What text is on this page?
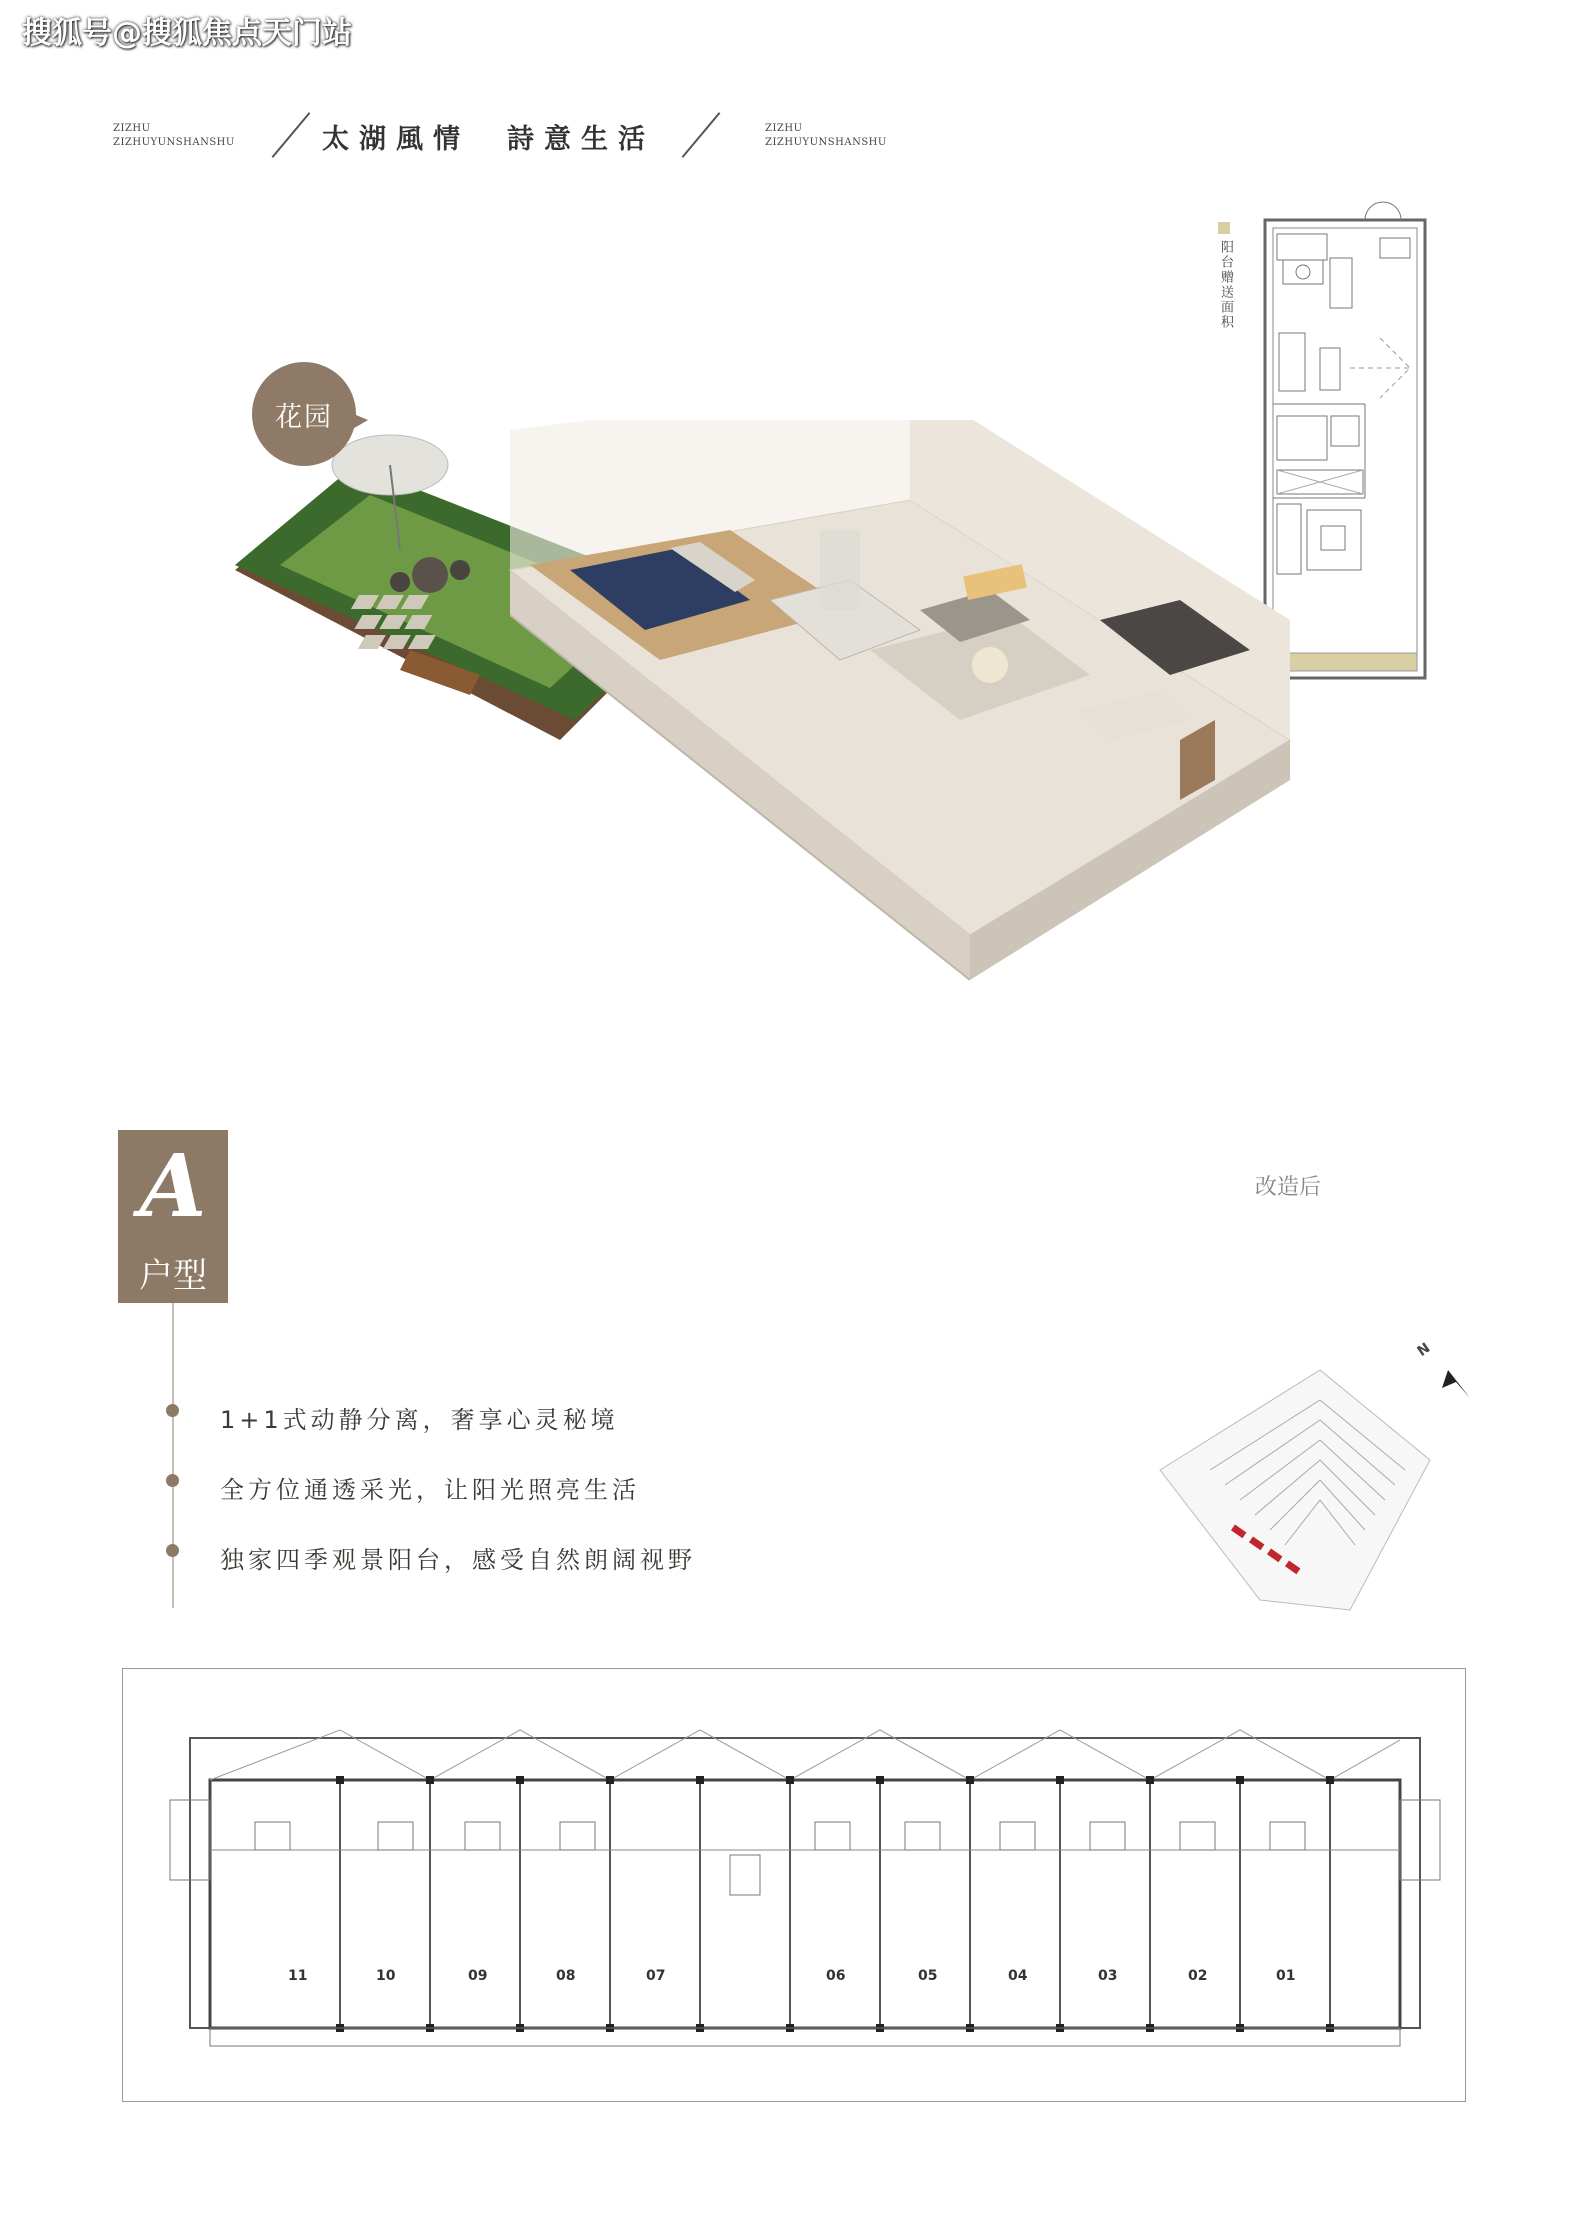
搜狐号@搜狐焦点天门站
ZIZHU
ZIZHUYUNSHANSHU	太湖風情　詩意生活	ZIZHU
ZIZHUYUNSHANSHU
阳台赠送面积
花园
改造后
A
户型
1+1式动静分离，奢享心灵秘境
全方位通透采光，让阳光照亮生活
独家四季观景阳台，感受自然朗阔视野
N
11	10	09	08	07	06	05	04	03	02	01
